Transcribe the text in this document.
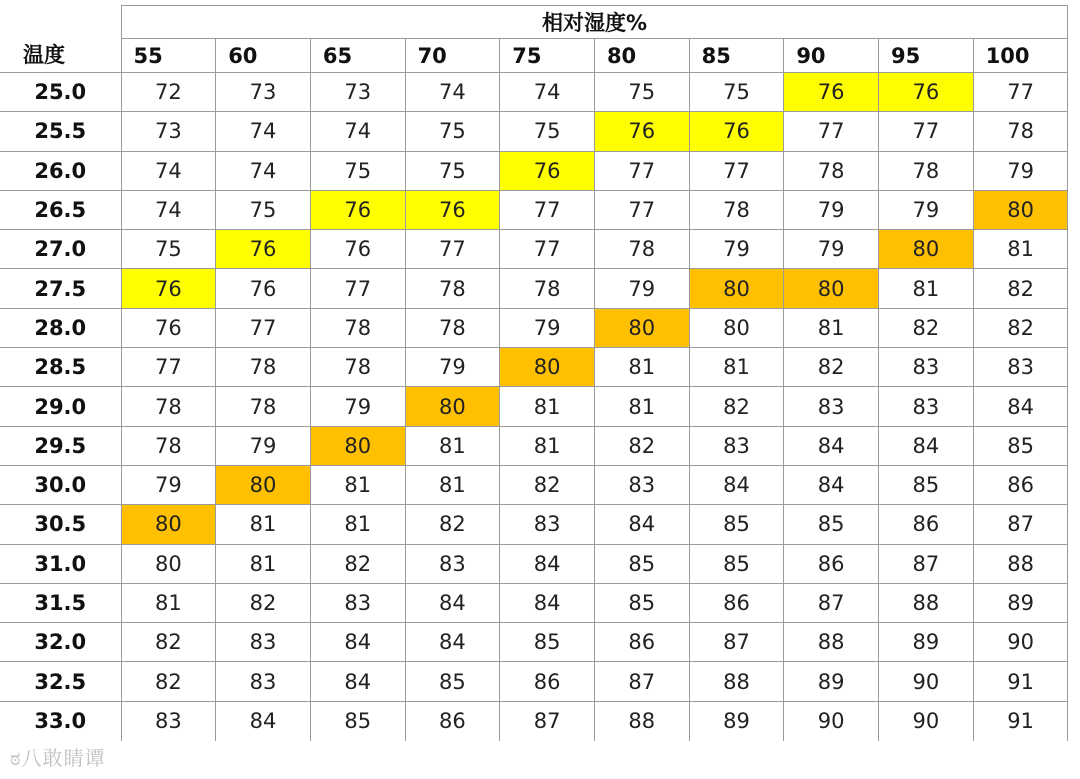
温度	相对湿度%									
	55	60	65	70	75	80	85	90	95	100
25.0	72	73	73	74	74	75	75	76	76	77
25.5	73	74	74	75	75	76	76	77	77	78
26.0	74	74	75	75	76	77	77	78	78	79
26.5	74	75	76	76	77	77	78	79	79	80
27.0	75	76	76	77	77	78	79	79	80	81
27.5	76	76	77	78	78	79	80	80	81	82
28.0	76	77	78	78	79	80	80	81	82	82
28.5	77	78	78	79	80	81	81	82	83	83
29.0	78	78	79	80	81	81	82	83	83	84
29.5	78	79	80	81	81	82	83	84	84	85
30.0	79	80	81	81	82	83	84	84	85	86
30.5	80	81	81	82	83	84	85	85	86	87
31.0	80	81	82	83	84	85	85	86	87	88
31.5	81	82	83	84	84	85	86	87	88	89
32.0	82	83	84	84	85	86	87	88	89	90
32.5	82	83	84	85	86	87	88	89	90	91
33.0	83	84	85	86	87	88	89	90	90	91
ಠ八敢睛谭
